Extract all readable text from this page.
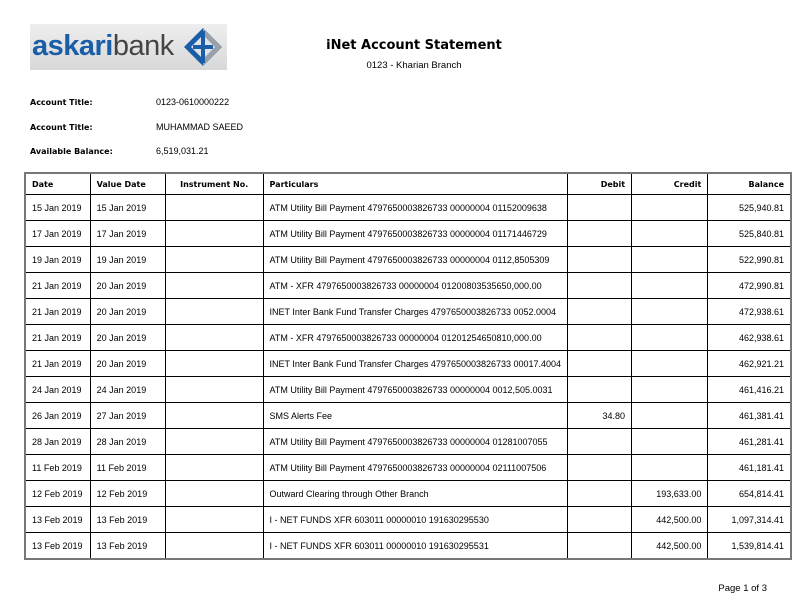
askaribank	iNet Account Statement
0123 - Kharian Branch
Account Title:	0123-0610000222
Account Title:	MUHAMMAD SAEED
Available Balance:	6,519,031.21
Date	Value Date	Instrument No.	Particulars	Debit	Credit	Balance
15 Jan 2019	15 Jan 2019		ATM Utility Bill Payment 4797650003826733 00000004 01152009638			525,940.81
17 Jan 2019	17 Jan 2019		ATM Utility Bill Payment 4797650003826733 00000004 01171446729			525,840.81
19 Jan 2019	19 Jan 2019		ATM Utility Bill Payment 4797650003826733 00000004 0112,8505309			522,990.81
21 Jan 2019	20 Jan 2019		ATM - XFR 4797650003826733 00000004 01200803535650,000.00			472,990.81
21 Jan 2019	20 Jan 2019		INET Inter Bank Fund Transfer Charges 4797650003826733 0052.0004			472,938.61
21 Jan 2019	20 Jan 2019		ATM - XFR 4797650003826733 00000004 01201254650810,000.00			462,938.61
21 Jan 2019	20 Jan 2019		INET Inter Bank Fund Transfer Charges 4797650003826733 00017.4004			462,921.21
24 Jan 2019	24 Jan 2019		ATM Utility Bill Payment 4797650003826733 00000004 0012,505.0031			461,416.21
26 Jan 2019	27 Jan 2019		SMS Alerts Fee	34.80		461,381.41
28 Jan 2019	28 Jan 2019		ATM Utility Bill Payment 4797650003826733 00000004 01281007055			461,281.41
11 Feb 2019	11 Feb 2019		ATM Utility Bill Payment 4797650003826733 00000004 02111007506			461,181.41
12 Feb 2019	12 Feb 2019		Outward Clearing through Other Branch		193,633.00	654,814.41
13 Feb 2019	13 Feb 2019		I - NET FUNDS XFR 603011 00000010 191630295530		442,500.00	1,097,314.41
13 Feb 2019	13 Feb 2019		I - NET FUNDS XFR 603011 00000010 191630295531		442,500.00	1,539,814.41
Page 1 of 3
